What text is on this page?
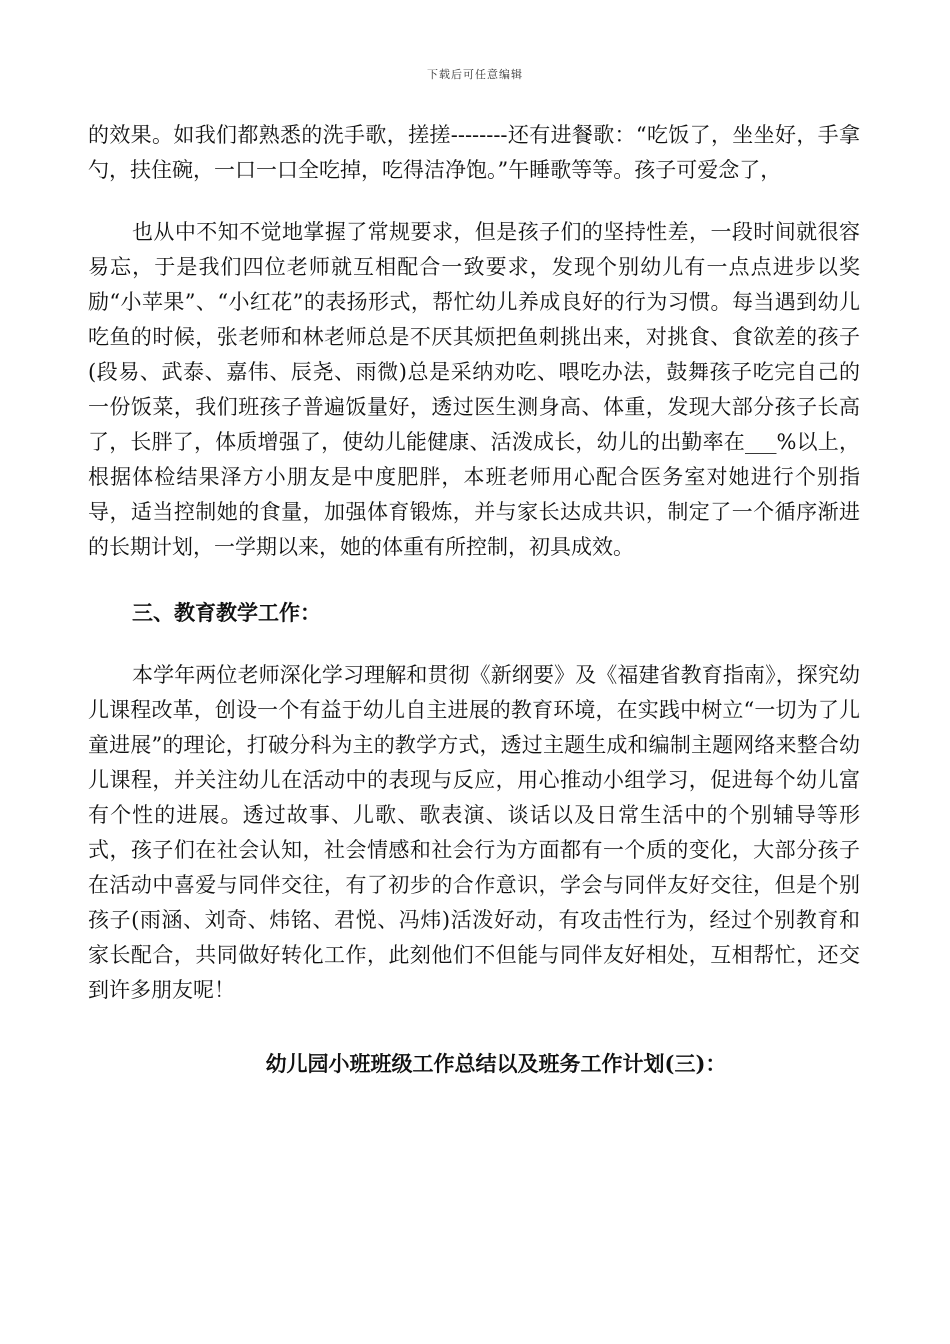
下载后可任意编辑

的效果。如我们都熟悉的洗手歌，搓搓--------还有进餐歌：“吃饭了，坐坐好，手拿勺，扶住碗，一口一口全吃掉，吃得洁净饱。”午睡歌等等。孩子可爱念了，

也从中不知不觉地掌握了常规要求，但是孩子们的坚持性差，一段时间就很容易忘，于是我们四位老师就互相配合一致要求，发现个别幼儿有一点点进步以奖励“小苹果”、“小红花”的表扬形式，帮忙幼儿养成良好的行为习惯。每当遇到幼儿吃鱼的时候，张老师和林老师总是不厌其烦把鱼刺挑出来，对挑食、食欲差的孩子(段易、武泰、嘉伟、辰尧、雨微)总是采纳劝吃、喂吃办法，鼓舞孩子吃完自己的一份饭菜，我们班孩子普遍饭量好，透过医生测身高、体重，发现大部分孩子长高了，长胖了，体质增强了，使幼儿能健康、活泼成长，幼儿的出勤率在___%以上，根据体检结果泽方小朋友是中度肥胖，本班老师用心配合医务室对她进行个别指导，适当控制她的食量，加强体育锻炼，并与家长达成共识，制定了一个循序渐进的长期计划，一学期以来，她的体重有所控制，初具成效。

三、教育教学工作：

本学年两位老师深化学习理解和贯彻《新纲要》及《福建省教育指南》，探究幼儿课程改革，创设一个有益于幼儿自主进展的教育环境，在实践中树立“一切为了儿童进展”的理论，打破分科为主的教学方式，透过主题生成和编制主题网络来整合幼儿课程，并关注幼儿在活动中的表现与反应，用心推动小组学习，促进每个幼儿富有个性的进展。透过故事、儿歌、歌表演、谈话以及日常生活中的个别辅导等形式，孩子们在社会认知，社会情感和社会行为方面都有一个质的变化，大部分孩子在活动中喜爱与同伴交往，有了初步的合作意识，学会与同伴友好交往，但是个别孩子(雨涵、刘奇、炜铭、君悦、冯炜)活泼好动，有攻击性行为，经过个别教育和家长配合，共同做好转化工作，此刻他们不但能与同伴友好相处，互相帮忙，还交到许多朋友呢！

幼儿园小班班级工作总结以及班务工作计划(三)：
